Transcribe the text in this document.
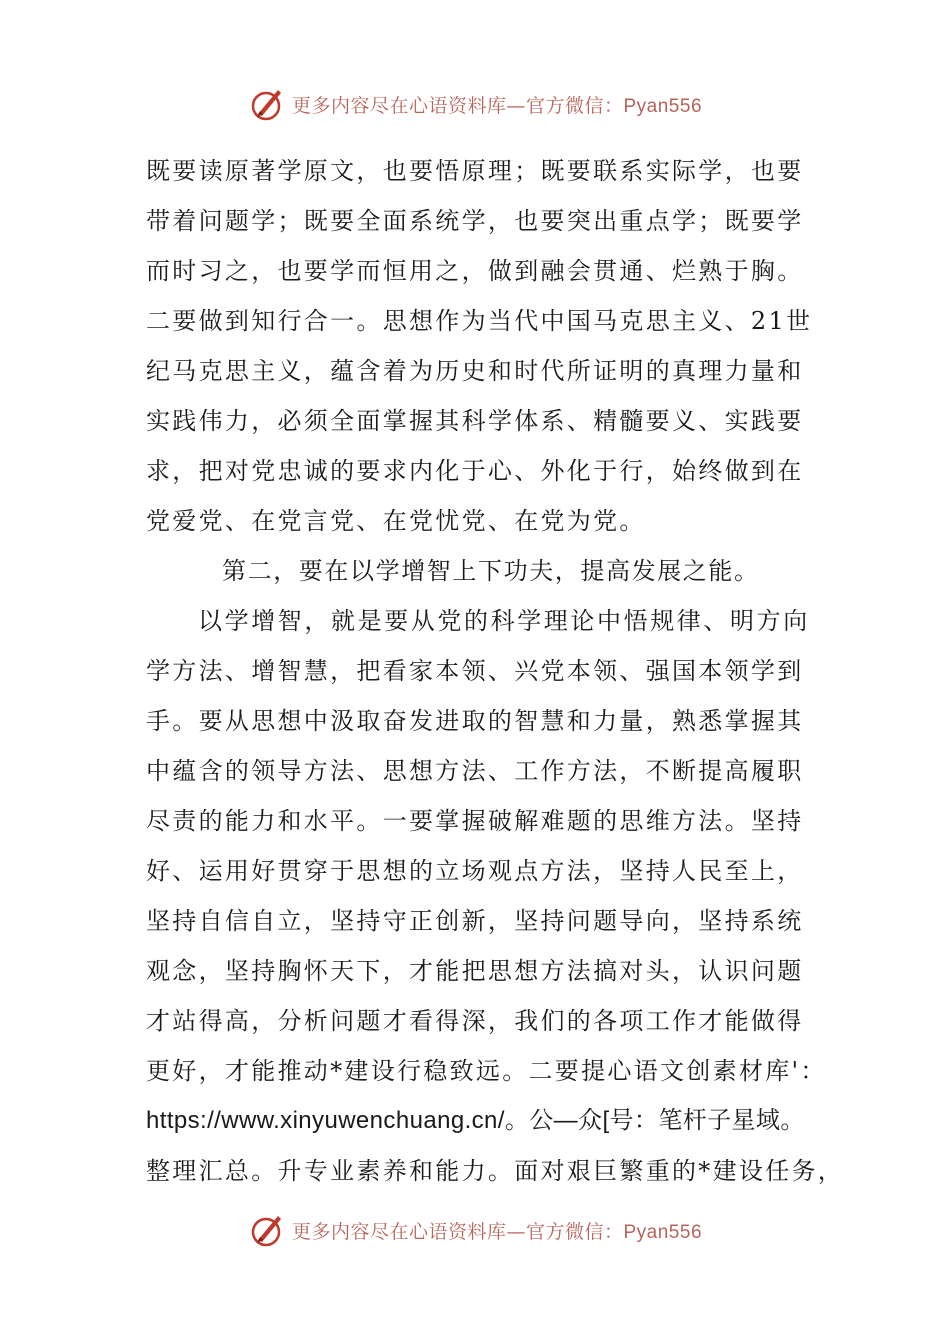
更多内容尽在心语资料库—官方微信：Pyan556
既要读原著学原文，也要悟原理；既要联系实际学，也要
带着问题学；既要全面系统学，也要突出重点学；既要学
而时习之，也要学而恒用之，做到融会贯通、烂熟于胸。
二要做到知行合一。思想作为当代中国马克思主义、21世
纪马克思主义，蕴含着为历史和时代所证明的真理力量和
实践伟力，必须全面掌握其科学体系、精髓要义、实践要
求，把对党忠诚的要求内化于心、外化于行，始终做到在
党爱党、在党言党、在党忧党、在党为党。
第二，要在以学增智上下功夫，提高发展之能。
以学增智，就是要从党的科学理论中悟规律、明方向
学方法、增智慧，把看家本领、兴党本领、强国本领学到
手。要从思想中汲取奋发进取的智慧和力量，熟悉掌握其
中蕴含的领导方法、思想方法、工作方法，不断提高履职
尽责的能力和水平。一要掌握破解难题的思维方法。坚持
好、运用好贯穿于思想的立场观点方法，坚持人民至上，
坚持自信自立，坚持守正创新，坚持问题导向，坚持系统
观念，坚持胸怀天下，才能把思想方法搞对头，认识问题
才站得高，分析问题才看得深，我们的各项工作才能做得
更好，才能推动*建设行稳致远。二要提心语文创素材库'：
https://www.xinyuwenchuang.cn/。公—众[号：笔杆子星域。
整理汇总。升专业素养和能力。面对艰巨繁重的*建设任务，
更多内容尽在心语资料库—官方微信：Pyan556
